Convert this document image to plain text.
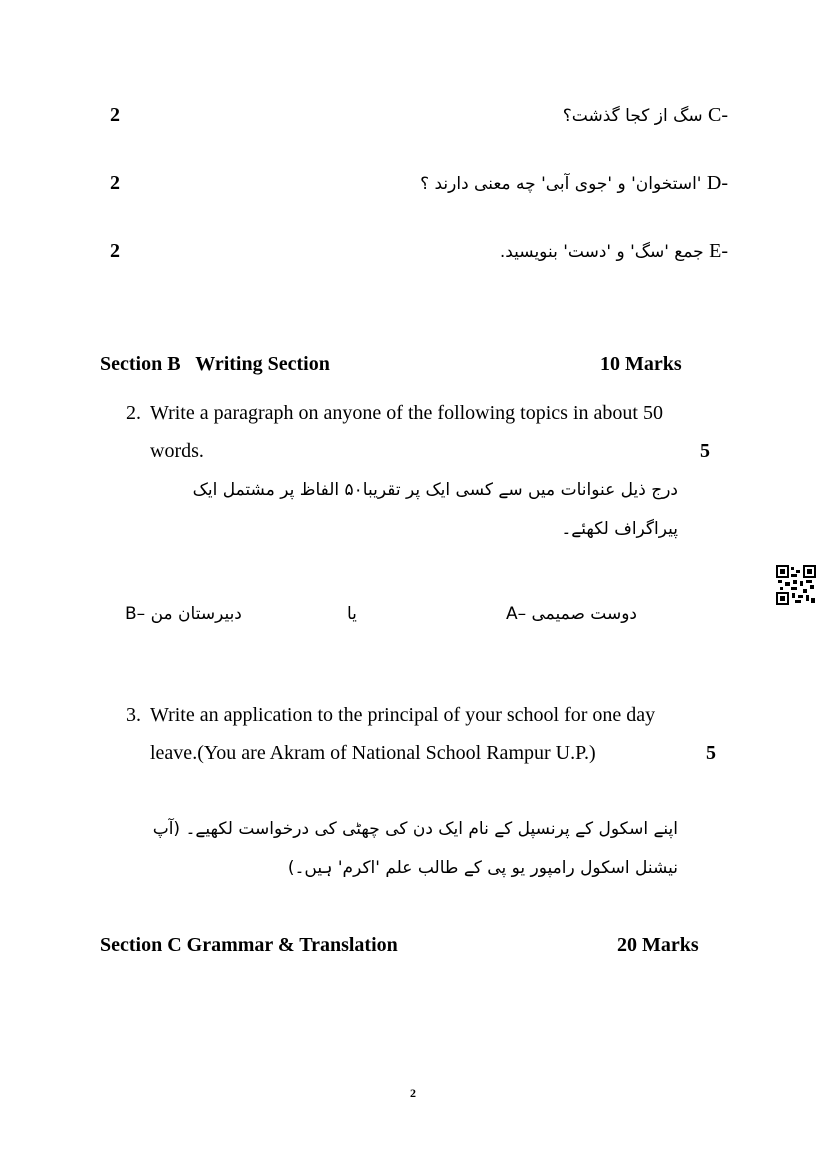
2	سگ از کجا گذشت؟ C-
2	'استخوان' و 'جوی آبی' چه معنی دارند ؟ D-
2	جمع 'سگ' و 'دست' بنویسید. E-
Section B   Writing Section	10 Marks
2. Write a paragraph on anyone of the following topics in about 50
words.	5
درج ذیل عنوانات میں سے کسی ایک پر تقریبا۵۰ الفاظ پر مشتمل ایک
پیراگراف لکھئے۔
A– دوست صمیمی
یا
B– دبیرستان من
3. Write an application to the principal of your school for one day
leave.(You are Akram of National School Rampur U.P.)	5
اپنے اسکول کے پرنسپل کے نام ایک دن کی چھٹی کی درخواست لکھیے۔ (آپ
نیشنل اسکول رامپور یو پی کے طالب علم 'اکرم' ہیں۔)
Section C Grammar & Translation	20 Marks
2
